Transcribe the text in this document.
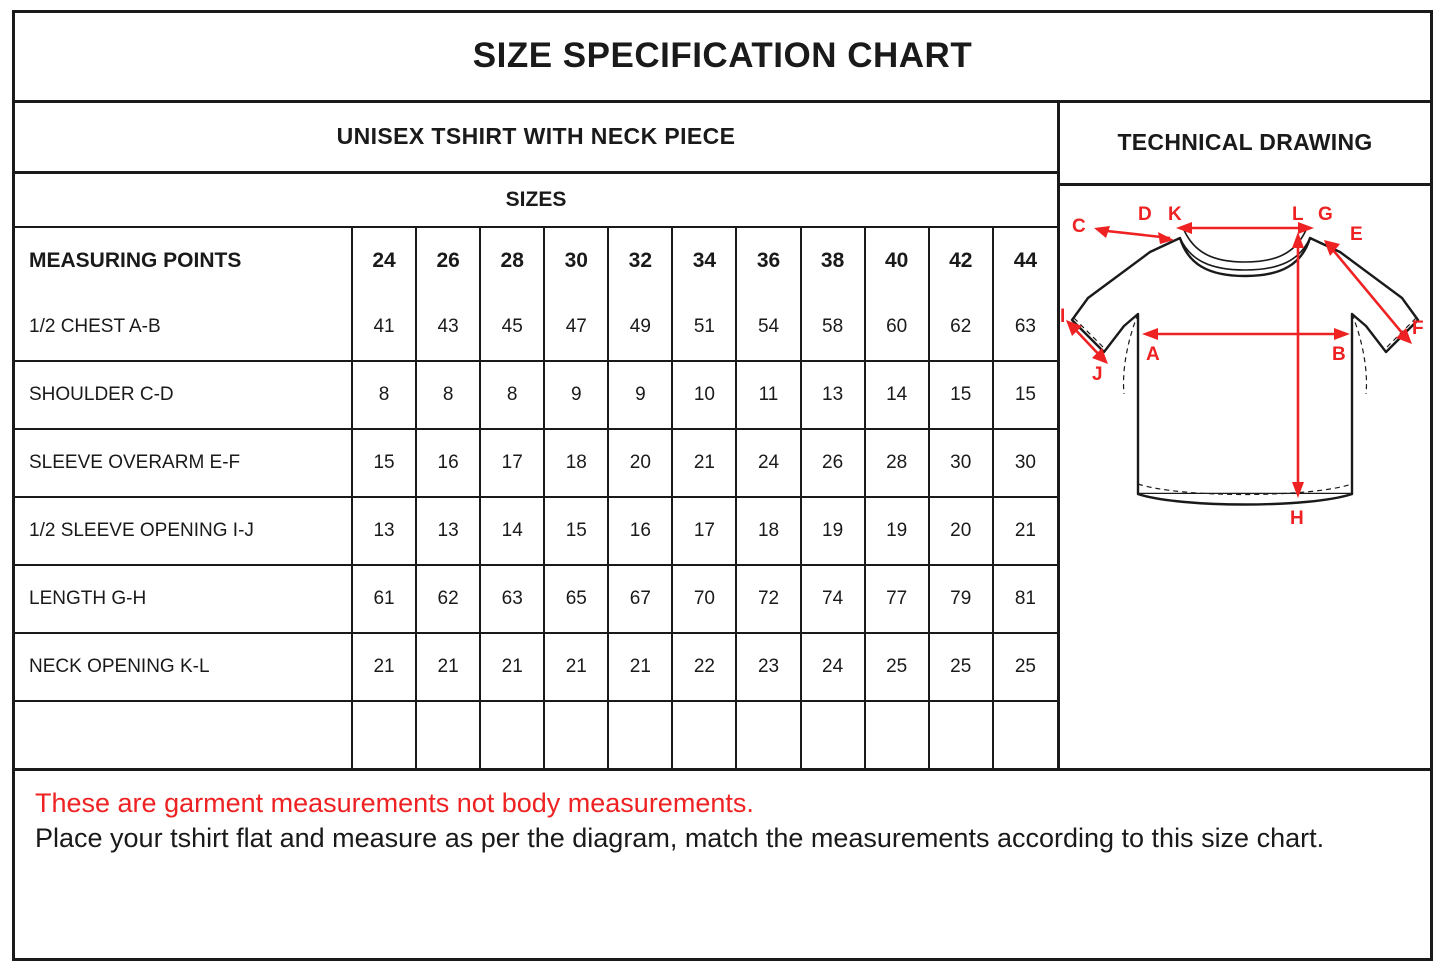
SIZE SPECIFICATION CHART
UNISEX TSHIRT WITH NECK PIECE
SIZES
MEASURING POINTS	24	26	28	30	32	34	36	38	40	42	44
1/2 CHEST A-B	41	43	45	47	49	51	54	58	60	62	63
SHOULDER C-D	8	8	8	9	9	10	11	13	14	15	15
SLEEVE OVERARM E-F	15	16	17	18	20	21	24	26	28	30	30
1/2 SLEEVE OPENING I-J	13	13	14	15	16	17	18	19	19	20	21
LENGTH G-H	61	62	63	65	67	70	72	74	77	79	81
NECK OPENING K-L	21	21	21	21	21	22	23	24	25	25	25

TECHNICAL DRAWING
C
D K	L G
E
F
I
J
A	B
H
These are garment measurements not body measurements.
Place your tshirt flat and measure as per the diagram, match the measurements according to this size chart.
